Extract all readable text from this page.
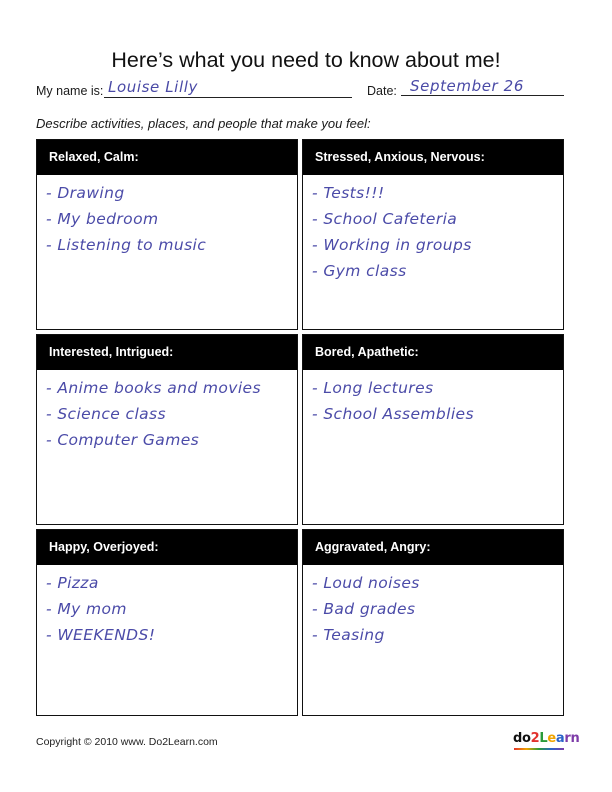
Here’s what you need to know about me!
My name is: Louise Lilly	Date: September 26
Describe activities, places, and people that make you feel:
Relaxed, Calm:
- Drawing
- My bedroom
- Listening to music
Stressed, Anxious, Nervous:
- Tests!!!
- School Cafeteria
- Working in groups
- Gym class
Interested, Intrigued:
- Anime books and movies
- Science class
- Computer Games
Bored, Apathetic:
- Long lectures
- School Assemblies
Happy, Overjoyed:
- Pizza
- My mom
- WEEKENDS!
Aggravated, Angry:
- Loud noises
- Bad grades
- Teasing
Copyright © 2010 www. Do2Learn.com	do2Learn
